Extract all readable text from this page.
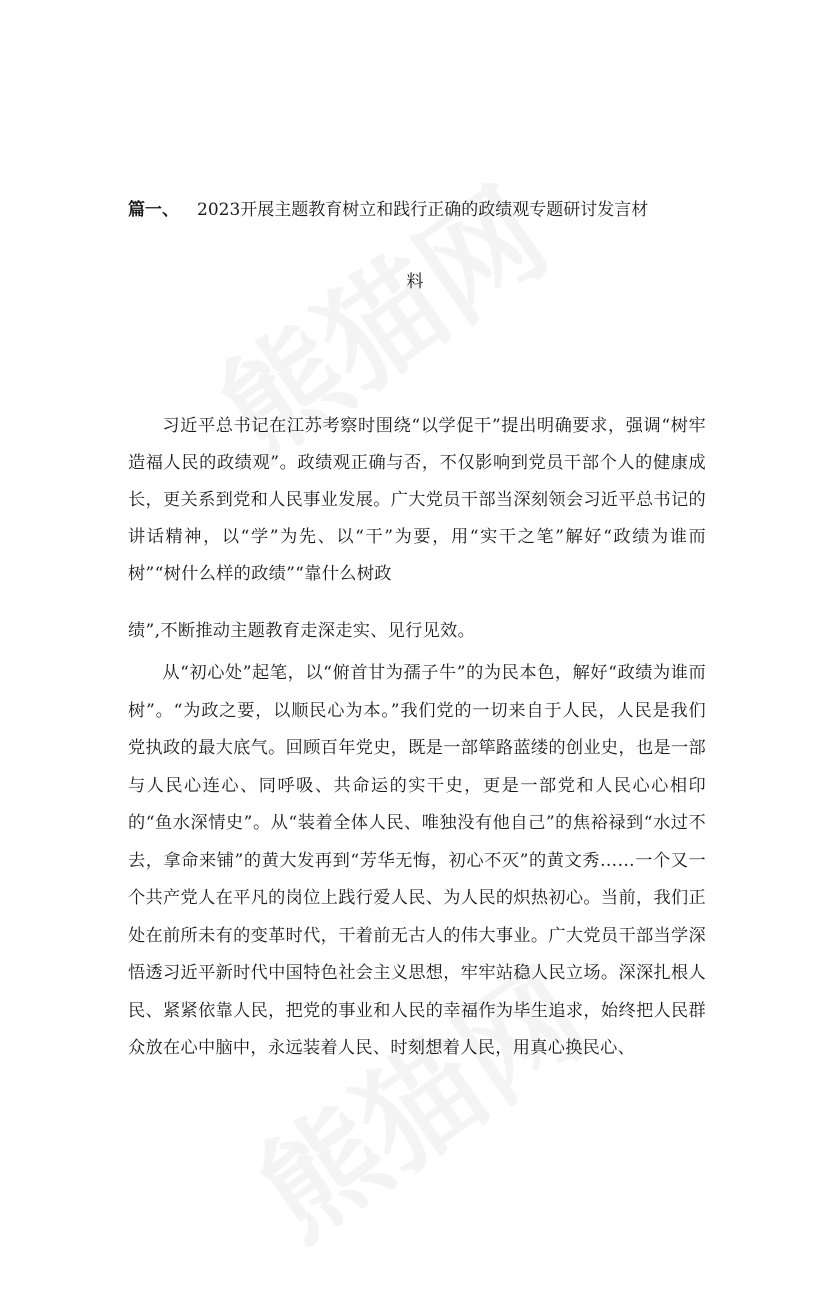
篇一、 2023开展主题教育树立和践行正确的政绩观专题研讨发言材
料
习近平总书记在江苏考察时围绕“以学促干”提出明确要求，强调“树牢造福人民的政绩观”。政绩观正确与否，不仅影响到党员干部个人的健康成长，更关系到党和人民事业发展。广大党员干部当深刻领会习近平总书记的讲话精神，以“学”为先、以“干”为要，用“实干之笔”解好“政绩为谁而树”“树什么样的政绩”“靠什么树政
绩”,不断推动主题教育走深走实、见行见效。
从“初心处”起笔，以“俯首甘为孺子牛”的为民本色，解好“政绩为谁而树”。“为政之要，以顺民心为本。”我们党的一切来自于人民，人民是我们党执政的最大底气。回顾百年党史，既是一部筚路蓝缕的创业史，也是一部与人民心连心、同呼吸、共命运的实干史，更是一部党和人民心心相印的“鱼水深情史”。从“装着全体人民、唯独没有他自己”的焦裕禄到“水过不去，拿命来铺”的黄大发再到“芳华无悔，初心不灭”的黄文秀……一个又一个共产党人在平凡的岗位上践行爱人民、为人民的炽热初心。当前，我们正处在前所未有的变革时代，干着前无古人的伟大事业。广大党员干部当学深悟透习近平新时代中国特色社会主义思想，牢牢站稳人民立场。深深扎根人民、紧紧依靠人民，把党的事业和人民的幸福作为毕生追求，始终把人民群众放在心中脑中，永远装着人民、时刻想着人民，用真心换民心、
